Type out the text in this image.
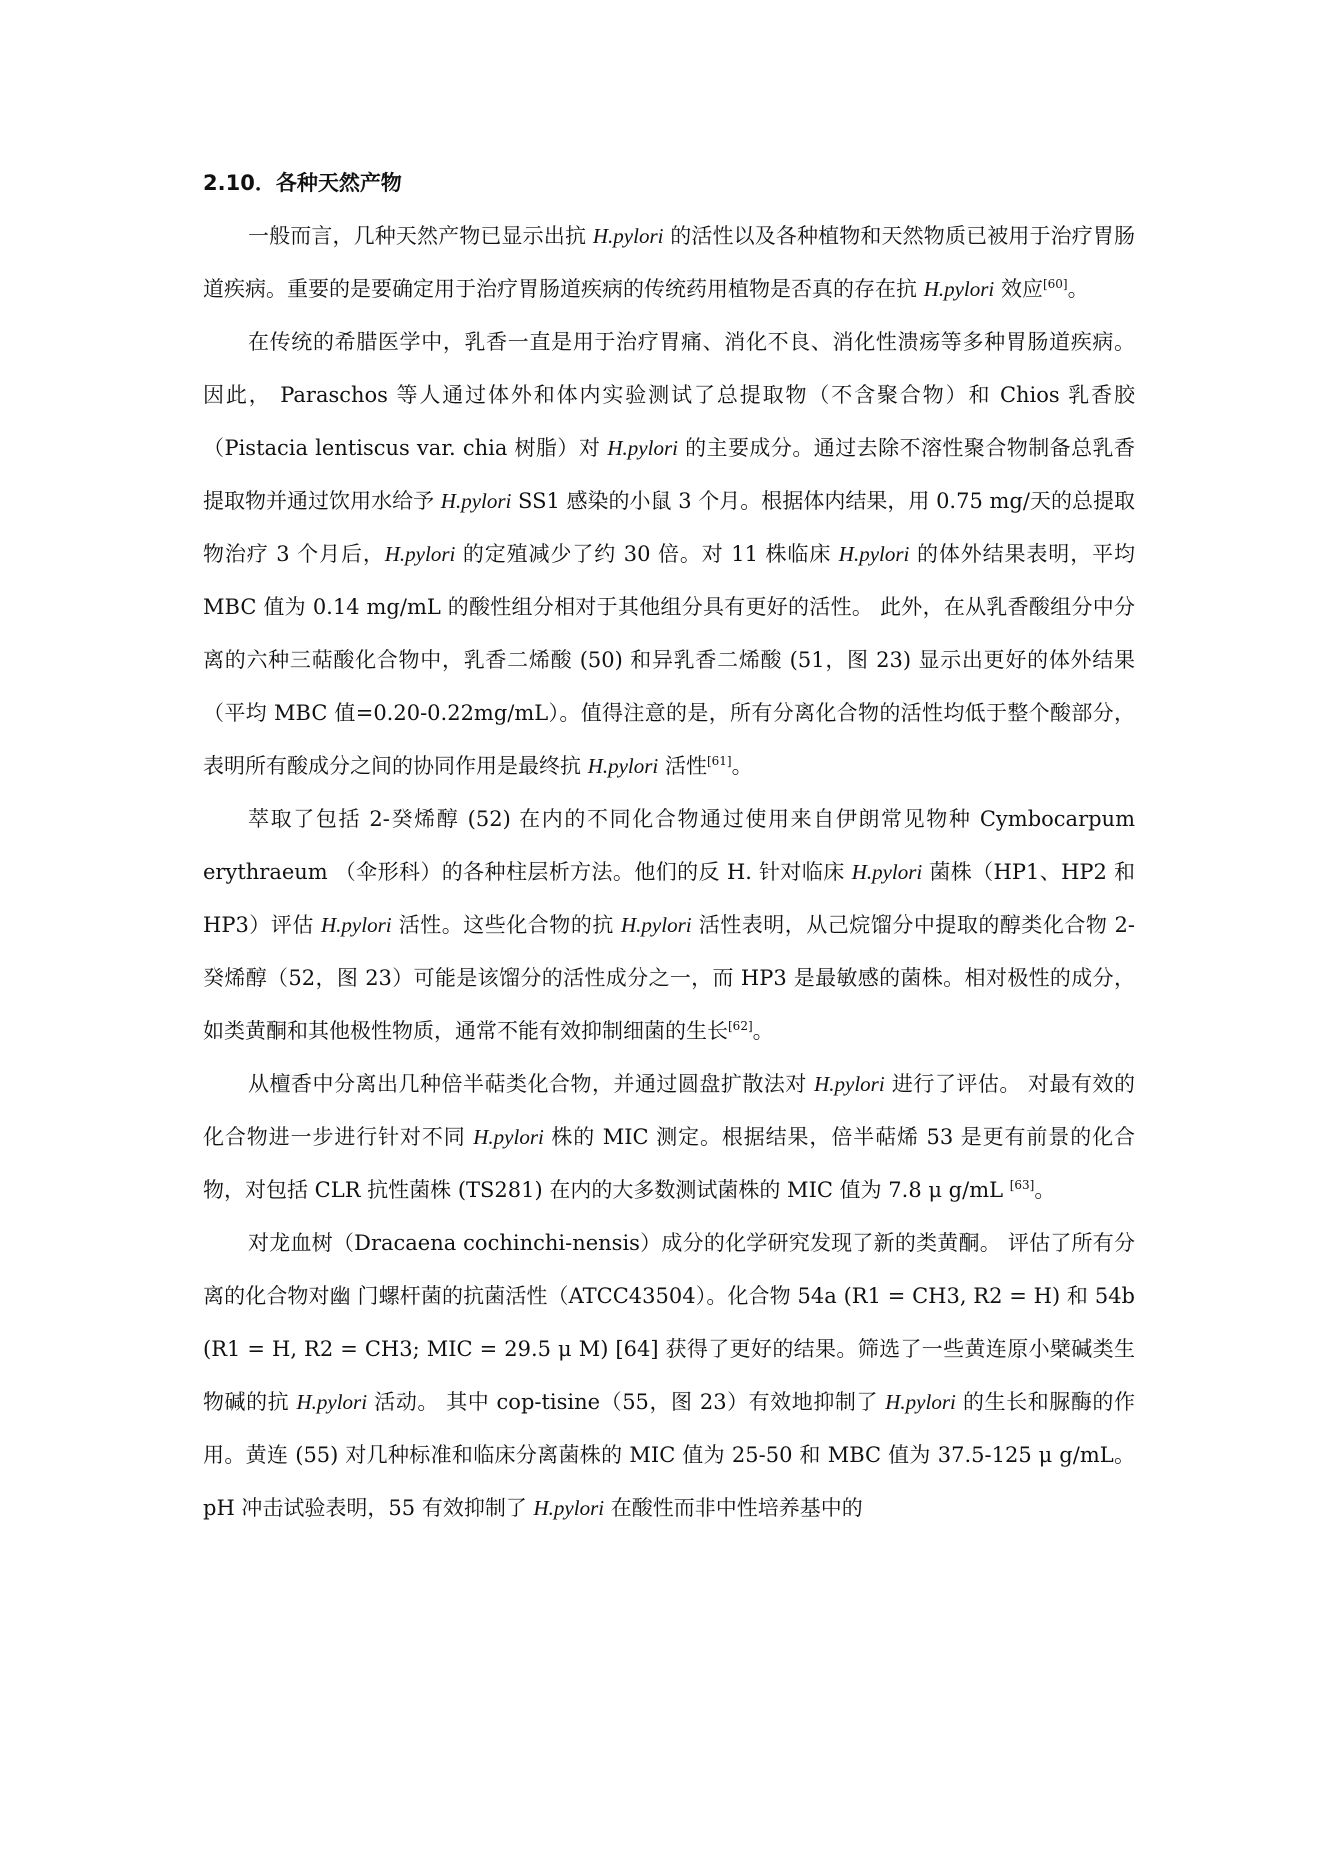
2.10．各种天然产物

一般而言，几种天然产物已显示出抗 H.pylori 的活性以及各种植物和天然物质已被用于治疗胃肠道疾病。重要的是要确定用于治疗胃肠道疾病的传统药用植物是否真的存在抗 H.pylori 效应[60]。

在传统的希腊医学中，乳香一直是用于治疗胃痛、消化不良、消化性溃疡等多种胃肠道疾病。 因此， Paraschos 等人通过体外和体内实验测试了总提取物（不含聚合物）和 Chios 乳香胶（Pistacia lentiscus var. chia 树脂）对 H.pylori 的主要成分。通过去除不溶性聚合物制备总乳香提取物并通过饮用水给予 H.pylori SS1 感染的小鼠 3 个月。根据体内结果，用 0.75 mg/天的总提取物治疗 3 个月后，H.pylori 的定殖减少了约 30 倍。对 11 株临床 H.pylori 的体外结果表明，平均 MBC 值为 0.14 mg/mL 的酸性组分相对于其他组分具有更好的活性。 此外，在从乳香酸组分中分离的六种三萜酸化合物中，乳香二烯酸 (50) 和异乳香二烯酸 (51，图 23) 显示出更好的体外结果（平均 MBC 值=0.20-0.22mg/mL）。值得注意的是，所有分离化合物的活性均低于整个酸部分，表明所有酸成分之间的协同作用是最终抗 H.pylori 活性[61]。

萃取了包括 2-癸烯醇 (52) 在内的不同化合物通过使用来自伊朗常见物种 Cymbocarpum erythraeum （伞形科）的各种柱层析方法。他们的反 H. 针对临床 H.pylori 菌株（HP1、HP2 和 HP3）评估 H.pylori 活性。这些化合物的抗 H.pylori 活性表明，从己烷馏分中提取的醇类化合物 2-癸烯醇（52，图 23）可能是该馏分的活性成分之一，而 HP3 是最敏感的菌株。相对极性的成分，如类黄酮和其他极性物质，通常不能有效抑制细菌的生长[62]。

从檀香中分离出几种倍半萜类化合物，并通过圆盘扩散法对 H.pylori 进行了评估。 对最有效的化合物进一步进行针对不同 H.pylori 株的 MIC 测定。根据结果，倍半萜烯 53 是更有前景的化合物，对包括 CLR 抗性菌株 (TS281) 在内的大多数测试菌株的 MIC 值为 7.8 μ g/mL [63]。

对龙血树（Dracaena cochinchi-nensis）成分的化学研究发现了新的类黄酮。 评估了所有分离的化合物对幽 门螺杆菌的抗菌活性（ATCC43504）。化合物 54a (R1 = CH3, R2 = H) 和 54b (R1 = H, R2 = CH3; MIC = 29.5 μ M) [64] 获得了更好的结果。筛选了一些黄连原小檗碱类生物碱的抗 H.pylori 活动。 其中 cop-tisine（55，图 23）有效地抑制了 H.pylori 的生长和脲酶的作用。黄连 (55) 对几种标准和临床分离菌株的 MIC 值为 25-50 和 MBC 值为 37.5-125 μ g/mL。pH 冲击试验表明，55 有效抑制了 H.pylori 在酸性而非中性培养基中的
